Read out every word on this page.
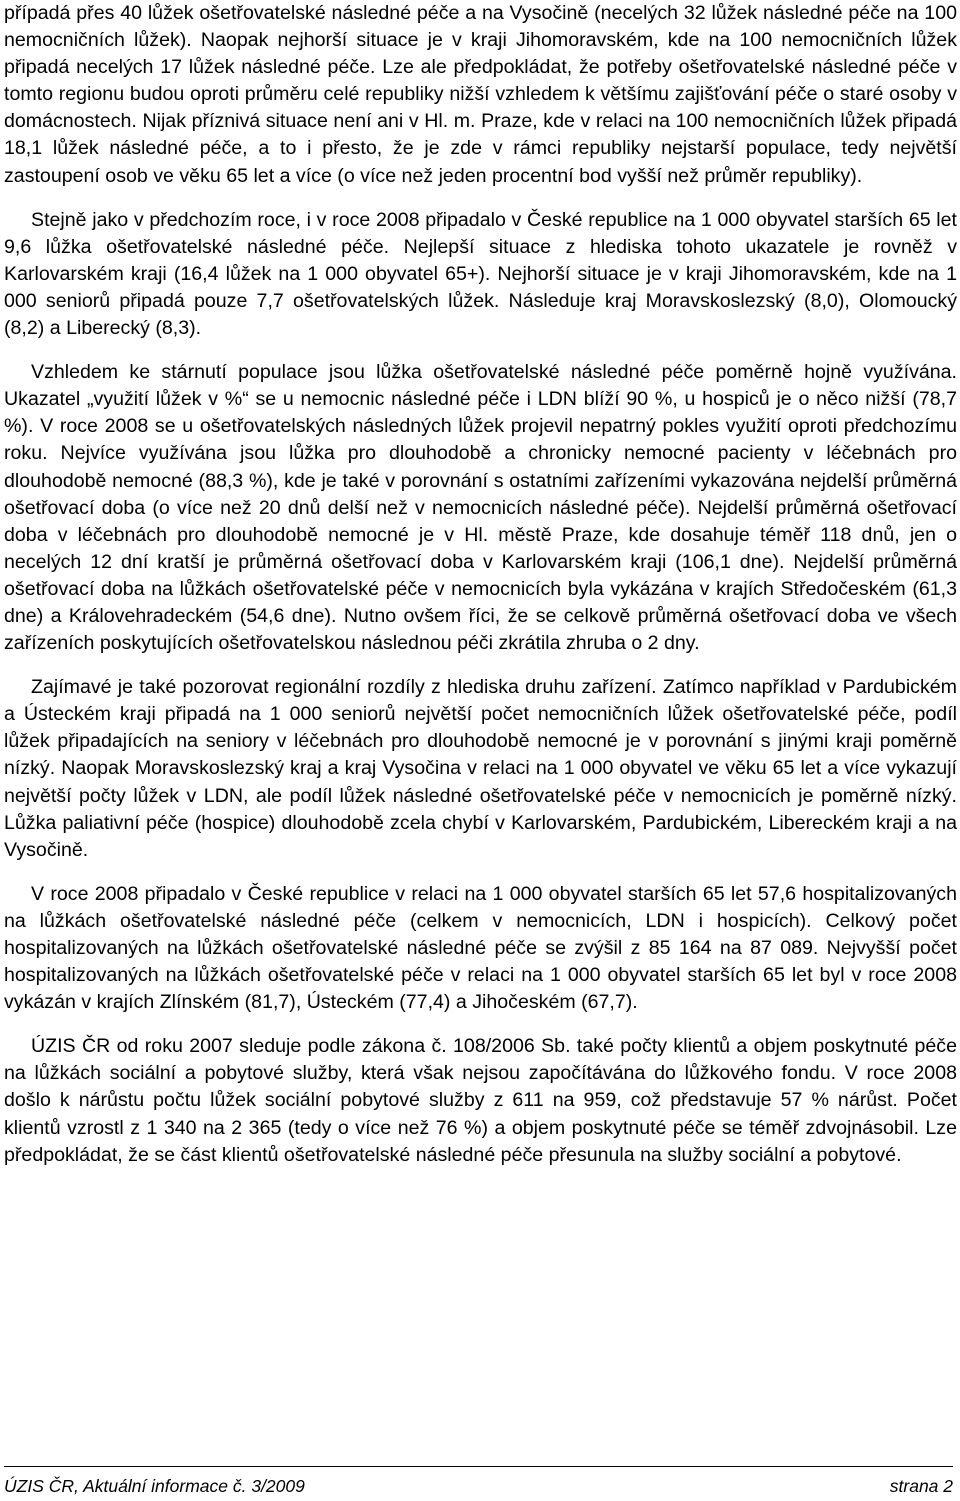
případá přes 40 lůžek ošetřovatelské následné péče a na Vysočině (necelých 32 lůžek následné péče na 100 nemocničních lůžek). Naopak nejhorší situace je v kraji Jihomoravském, kde na 100 nemocničních lůžek připadá necelých 17 lůžek následné péče. Lze ale předpokládat, že potřeby ošetřovatelské následné péče v tomto regionu budou oproti průměru celé republiky nižší vzhledem k většímu zajišťování péče o staré osoby v domácnostech. Nijak příznivá situace není ani v Hl. m. Praze, kde v relaci na 100 nemocničních lůžek připadá 18,1 lůžek následné péče, a to i přesto, že je zde v rámci republiky nejstarší populace, tedy největší zastoupení osob ve věku 65 let a více (o více než jeden procentní bod vyšší než průměr republiky).

Stejně jako v předchozím roce, i v roce 2008 připadalo v České republice na 1 000 obyvatel starších 65 let 9,6 lůžka ošetřovatelské následné péče. Nejlepší situace z hlediska tohoto ukazatele je rovněž v Karlovarském kraji (16,4 lůžek na 1 000 obyvatel 65+). Nejhorší situace je v kraji Jihomoravském, kde na 1 000 seniorů připadá pouze 7,7 ošetřovatelských lůžek. Následuje kraj Moravskoslezský (8,0), Olomoucký (8,2) a Liberecký (8,3).

Vzhledem ke stárnutí populace jsou lůžka ošetřovatelské následné péče poměrně hojně využívána. Ukazatel „využití lůžek v %“ se u nemocnic následné péče i LDN blíží 90 %, u hospiců je o něco nižší (78,7 %). V roce 2008 se u ošetřovatelských následných lůžek projevil nepatrný pokles využití oproti předchozímu roku. Nejvíce využívána jsou lůžka pro dlouhodobě a chronicky nemocné pacienty v léčebnách pro dlouhodobě nemocné (88,3 %), kde je také v porovnání s ostatními zařízeními vykazována nejdelší průměrná ošetřovací doba (o více než 20 dnů delší než v nemocnicích následné péče). Nejdelší průměrná ošetřovací doba v léčebnách pro dlouhodobě nemocné je v Hl. městě Praze, kde dosahuje téměř 118 dnů, jen o necelých 12 dní kratší je průměrná ošetřovací doba v Karlovarském kraji (106,1 dne). Nejdelší průměrná ošetřovací doba na lůžkách ošetřovatelské péče v nemocnicích byla vykázána v krajích Středočeském (61,3 dne) a Královehradeckém (54,6 dne). Nutno ovšem říci, že se celkově průměrná ošetřovací doba ve všech zařízeních poskytujících ošetřovatelskou následnou péči zkrátila zhruba o 2 dny.

Zajímavé je také pozorovat regionální rozdíly z hlediska druhu zařízení. Zatímco například v Pardubickém a Ústeckém kraji připadá na 1 000 seniorů největší počet nemocničních lůžek ošetřovatelské péče, podíl lůžek připadajících na seniory v léčebnách pro dlouhodobě nemocné je v porovnání s jinými kraji poměrně nízký. Naopak Moravskoslezský kraj a kraj Vysočina v relaci na 1 000 obyvatel ve věku 65 let a více vykazují největší počty lůžek v LDN, ale podíl lůžek následné ošetřovatelské péče v nemocnicích je poměrně nízký. Lůžka paliativní péče (hospice) dlouhodobě zcela chybí v Karlovarském, Pardubickém, Libereckém kraji a na Vysočině.

V roce 2008 připadalo v České republice v relaci na 1 000 obyvatel starších 65 let 57,6 hospitalizovaných na lůžkách ošetřovatelské následné péče (celkem v nemocnicích, LDN i hospicích). Celkový počet hospitalizovaných na lůžkách ošetřovatelské následné péče se zvýšil z 85 164 na 87 089. Nejvyšší počet hospitalizovaných na lůžkách ošetřovatelské péče v relaci na 1 000 obyvatel starších 65 let byl v roce 2008 vykázán v krajích Zlínském (81,7), Ústeckém (77,4) a Jihočeském (67,7).

ÚZIS ČR od roku 2007 sleduje podle zákona č. 108/2006 Sb. také počty klientů a objem poskytnuté péče na lůžkách sociální a pobytové služby, která však nejsou započítávána do lůžkového fondu. V roce 2008 došlo k nárůstu počtu lůžek sociální pobytové služby z 611 na 959, což představuje 57 % nárůst. Počet klientů vzrostl z 1 340 na 2 365 (tedy o více než 76 %) a objem poskytnuté péče se téměř zdvojnásobil. Lze předpokládat, že se část klientů ošetřovatelské následné péče přesunula na služby sociální a pobytové.

ÚZIS ČR, Aktuální informace č. 3/2009	strana 2
